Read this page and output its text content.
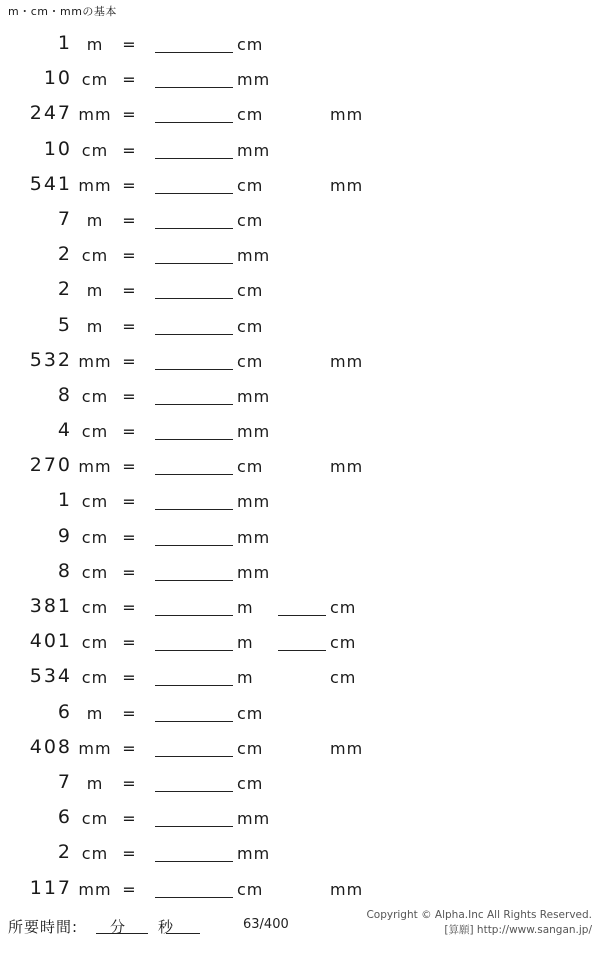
m・cm・mmの基本
1 m	=	cm
10 cm =	mm
247 mm =	cm	mm
10 cm =	mm
541 mm =	cm	mm
7 m	=	cm
2 cm =	mm
2 m	=	cm
5 m	=	cm
532 mm =	cm	mm
8 cm =	mm
4 cm =	mm
270 mm =	cm	mm
1 cm =	mm
9 cm =	mm
8 cm =	mm
381 cm =	m	cm
401 cm =	m	cm
534 cm =	m	cm
6 m	=	cm
408 mm =	cm	mm
7 m	=	cm
6 cm =	mm
2 cm =	mm
117 mm =	cm	mm
所要時間:　　分　　秒	63/400
Copyright © Alpha.Inc All Rights Reserved.
[算願] http://www.sangan.jp/
